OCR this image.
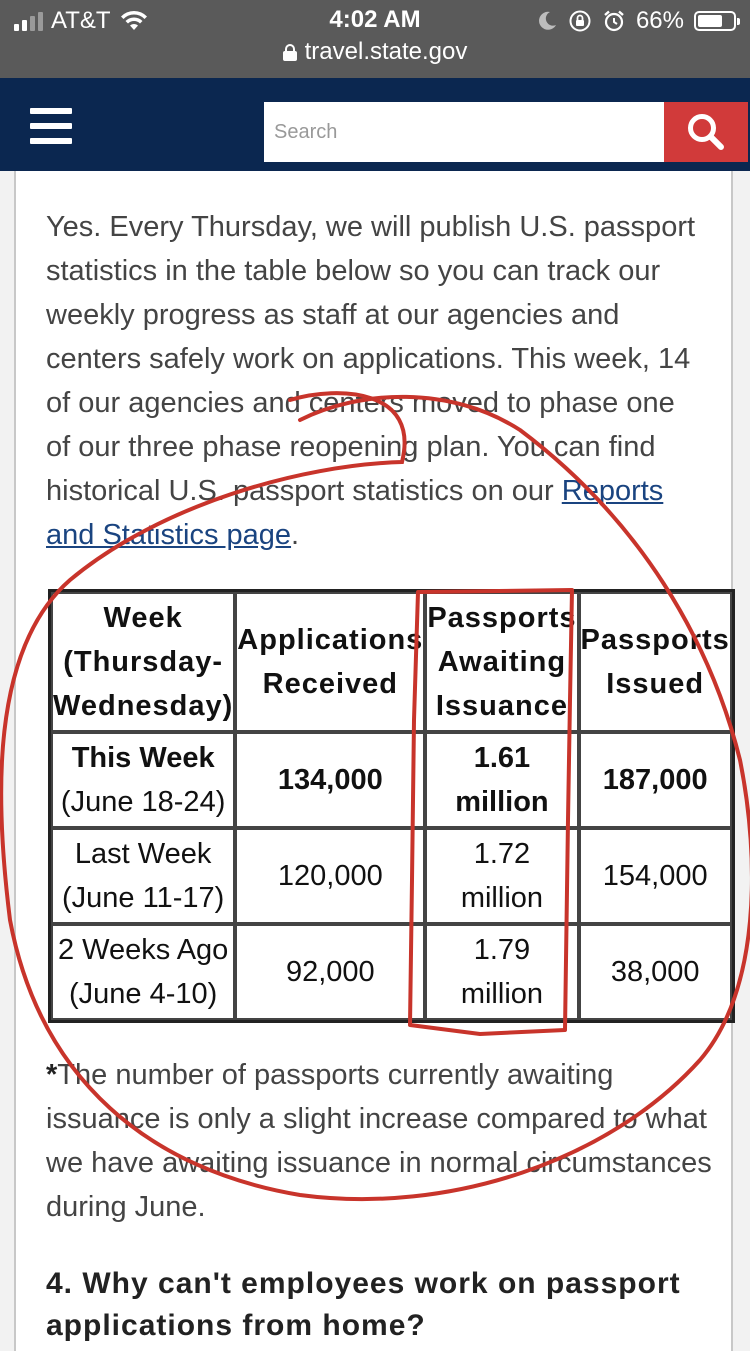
AT&T	4:02 AM	66%
travel.state.gov
Search

Yes. Every Thursday, we will publish U.S. passport statistics in the table below so you can track our weekly progress as staff at our agencies and centers safely work on applications. This week, 14 of our agencies and centers moved to phase one of our three phase reopening plan. You can find historical U.S. passport statistics on our Reports and Statistics page.

Week (Thursday-Wednesday)	Applications Received	Passports Awaiting Issuance	Passports Issued
This Week
(June 18-24)	134,000	1.61 million	187,000
Last Week
(June 11-17)	120,000	1.72 million	154,000
2 Weeks Ago
(June 4-10)	92,000	1.79 million	38,000

*The number of passports currently awaiting issuance is only a slight increase compared to what we have awaiting issuance in normal circumstances during June.

4. Why can't employees work on passport applications from home?
